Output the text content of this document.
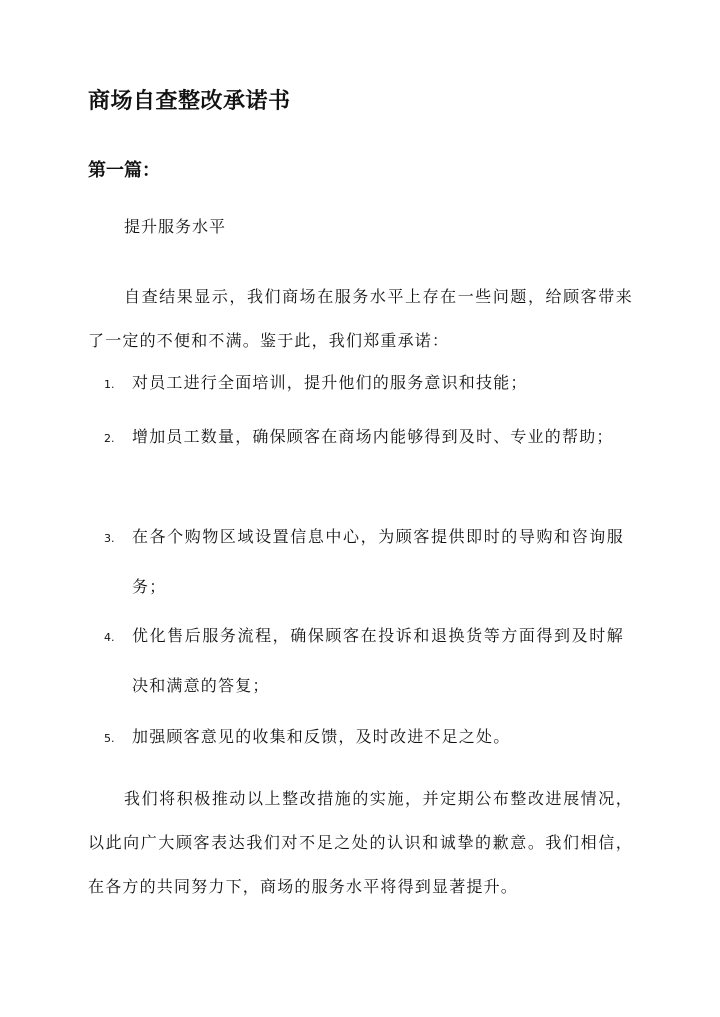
商场自查整改承诺书
第一篇：
提升服务水平

自查结果显示，我们商场在服务水平上存在一些问题，给顾客带来了一定的不便和不满。鉴于此，我们郑重承诺：

1.	对员工进行全面培训，提升他们的服务意识和技能；
2.	增加员工数量，确保顾客在商场内能够得到及时、专业的帮助；
3.	在各个购物区域设置信息中心，为顾客提供即时的导购和咨询服务；
4.	优化售后服务流程，确保顾客在投诉和退换货等方面得到及时解决和满意的答复；
5.	加强顾客意见的收集和反馈，及时改进不足之处。

我们将积极推动以上整改措施的实施，并定期公布整改进展情况，以此向广大顾客表达我们对不足之处的认识和诚挚的歉意。我们相信，在各方的共同努力下，商场的服务水平将得到显著提升。
